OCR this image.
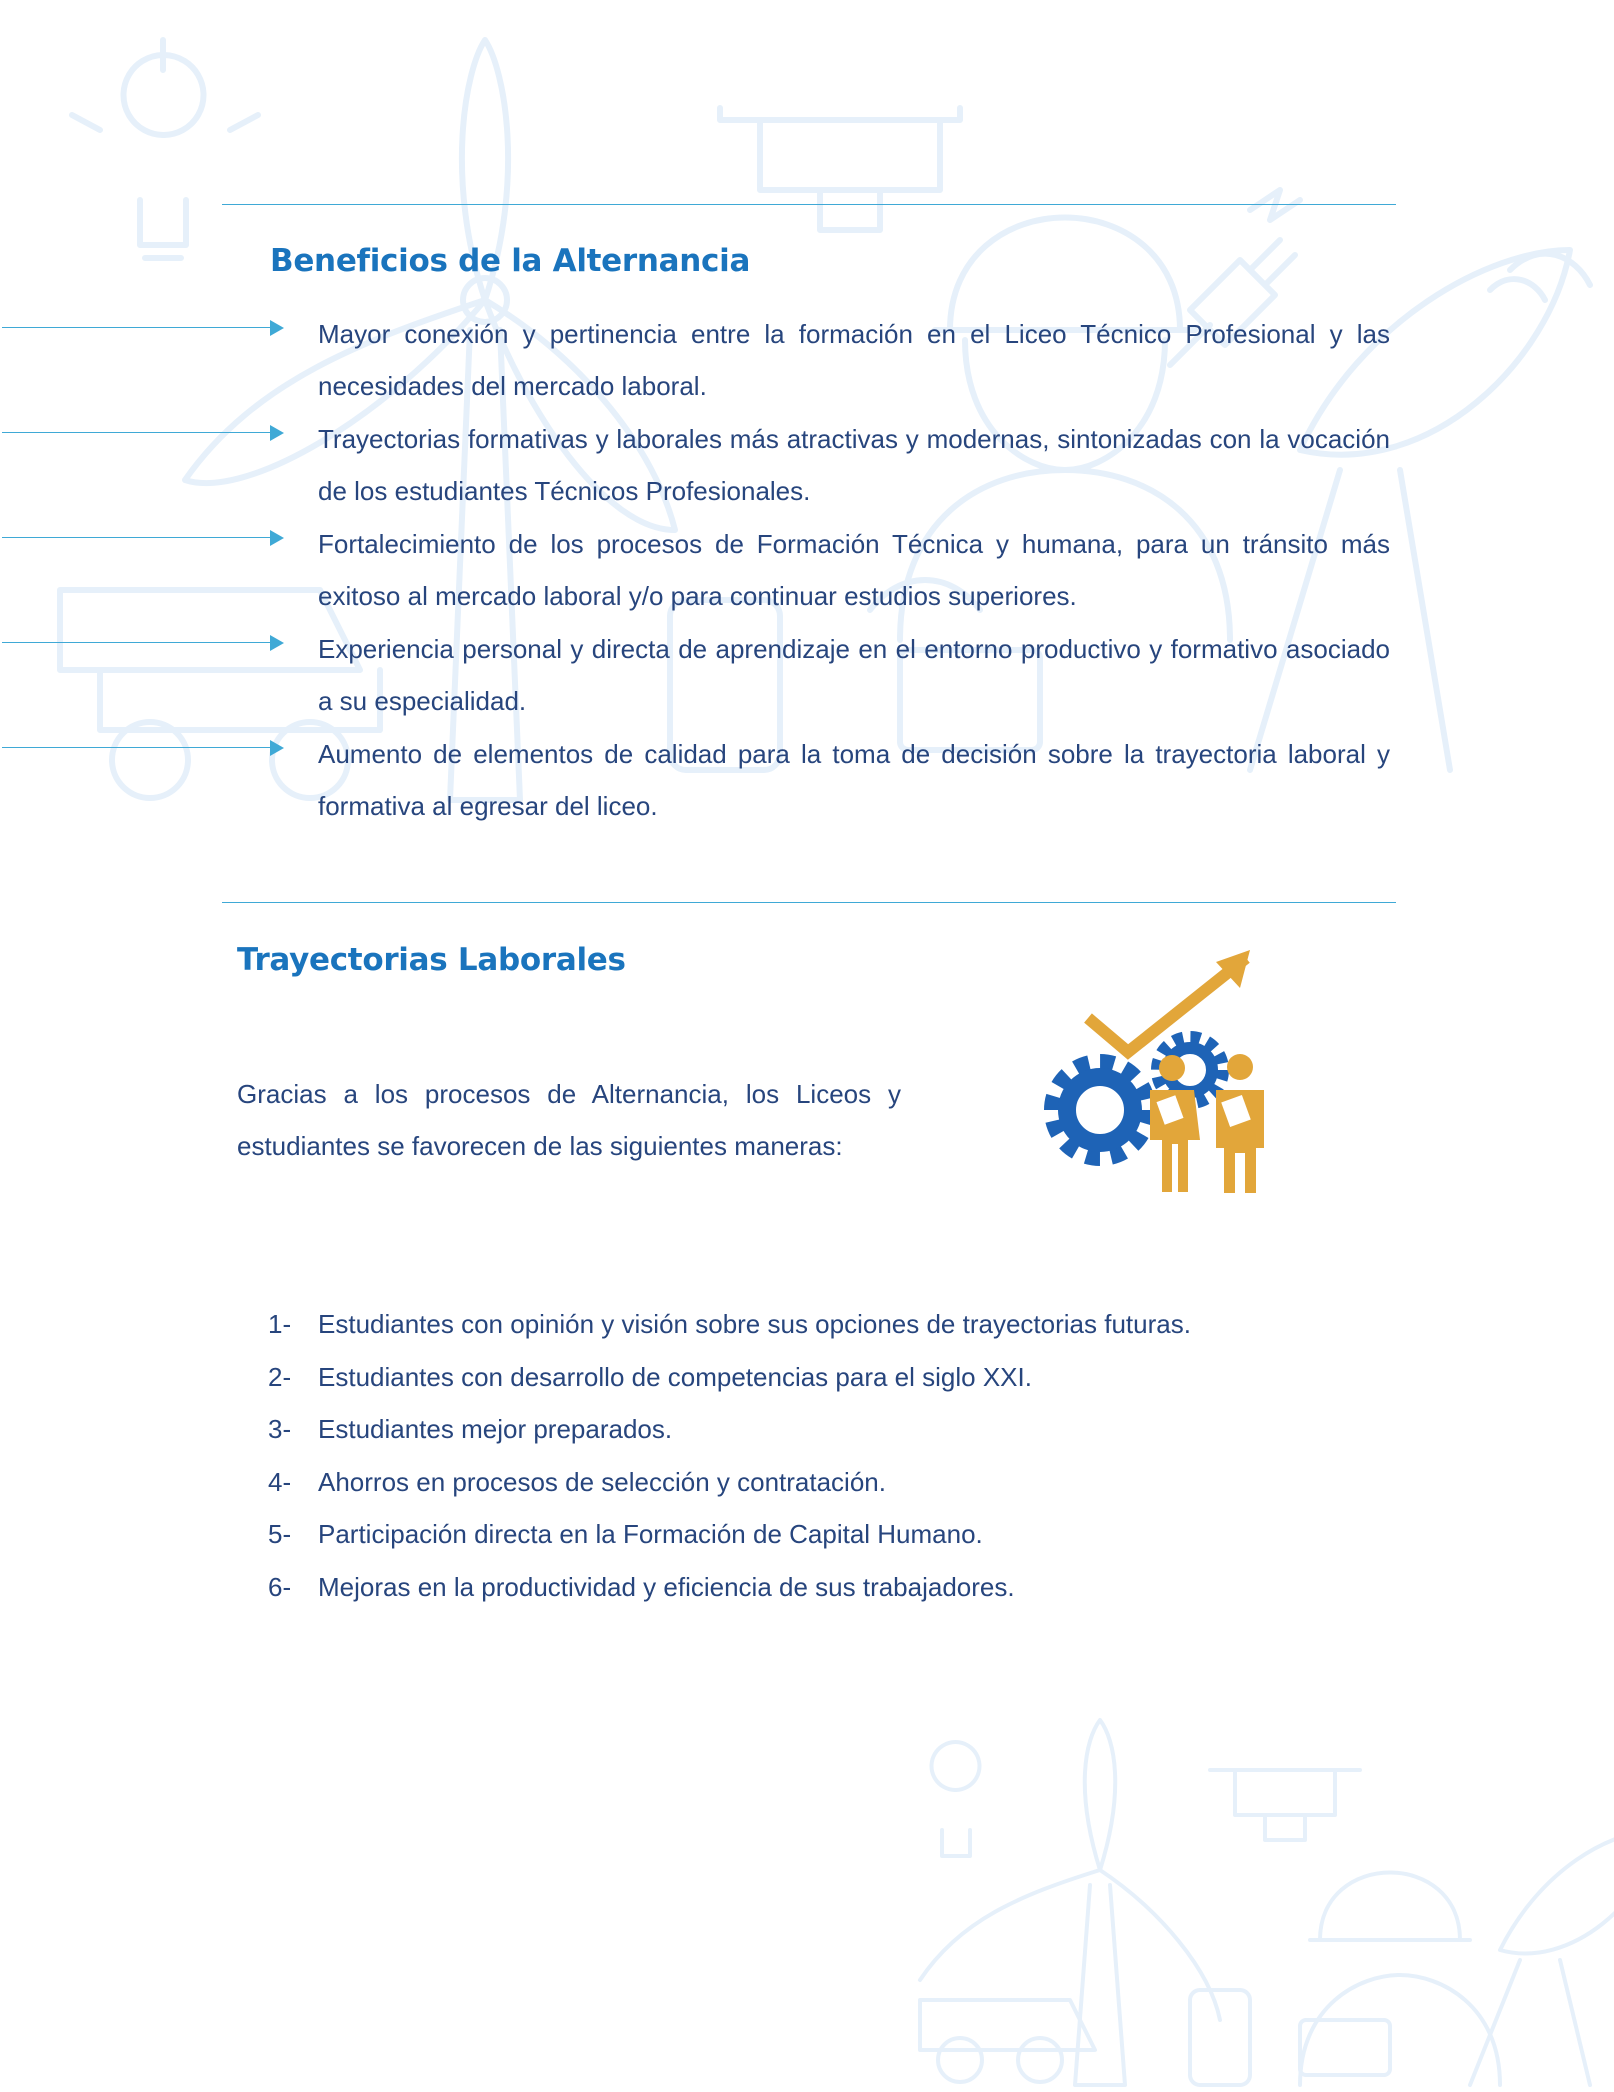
Beneficios de la Alternancia
Mayor conexión y pertinencia entre la formación en el Liceo Técnico Profesional y las necesidades del mercado laboral.
Trayectorias formativas y laborales más atractivas y modernas, sintonizadas con la vocación de los estudiantes Técnicos Profesionales.
Fortalecimiento de los procesos de Formación Técnica y humana, para un tránsito más exitoso al mercado laboral y/o para continuar estudios superiores.
Experiencia personal y directa de aprendizaje en el entorno productivo y formativo asociado a su especialidad.
Aumento de elementos de calidad para la toma de decisión sobre la trayectoria laboral y formativa al egresar del liceo.
Trayectorias Laborales

Gracias a los procesos de Alternancia, los Liceos y estudiantes se favorecen de las siguientes maneras:

1- Estudiantes con opinión y visión sobre sus opciones de trayectorias futuras.
2- Estudiantes con desarrollo de competencias para el siglo XXI.
3- Estudiantes mejor preparados.
4- Ahorros en procesos de selección y contratación.
5- Participación directa en la Formación de Capital Humano.
6- Mejoras en la productividad y eficiencia de sus trabajadores.
